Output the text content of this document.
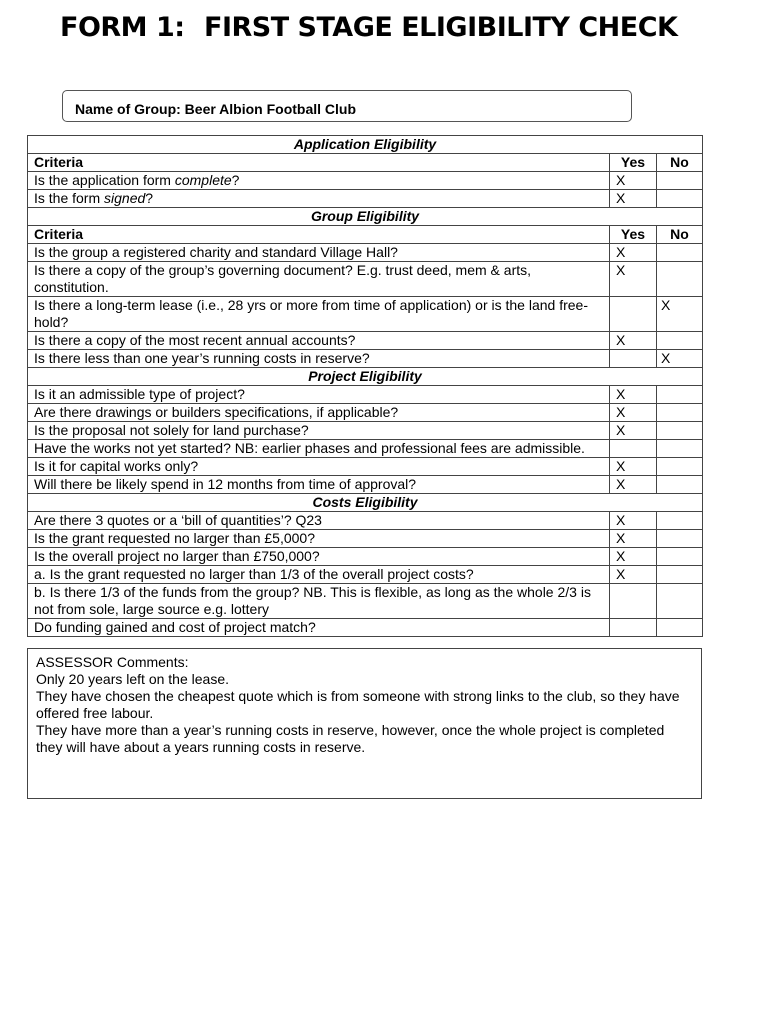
FORM 1: FIRST STAGE ELIGIBILITY CHECK
Name of Group: Beer Albion Football Club
Application Eligibility		
Criteria	Yes	No
Is the application form complete?	X	
Is the form signed?	X	
Group Eligibility		
Criteria	Yes	No
Is the group a registered charity and standard Village Hall?	X	
Is there a copy of the group’s governing document? E.g. trust deed, mem & arts, constitution.	X	
Is there a long-term lease (i.e., 28 yrs or more from time of application) or is the land free-hold?		X
Is there a copy of the most recent annual accounts?	X	
Is there less than one year’s running costs in reserve?		X
Project Eligibility		
Is it an admissible type of project?	X	
Are there drawings or builders specifications, if applicable?	X	
Is the proposal not solely for land purchase?	X	
Have the works not yet started? NB: earlier phases and professional fees are admissible.		
Is it for capital works only?	X	
Will there be likely spend in 12 months from time of approval?	X	
Costs Eligibility		
Are there 3 quotes or a ‘bill of quantities’? Q23	X	
Is the grant requested no larger than £5,000?	X	
Is the overall project no larger than £750,000?	X	
a. Is the grant requested no larger than 1/3 of the overall project costs?	X	
b. Is there 1/3 of the funds from the group? NB. This is flexible, as long as the whole 2/3 is not from sole, large source e.g. lottery		
Do funding gained and cost of project match?		
ASSESSOR Comments:
Only 20 years left on the lease.
They have chosen the cheapest quote which is from someone with strong links to the club, so they have offered free labour.
They have more than a year’s running costs in reserve, however, once the whole project is completed they will have about a years running costs in reserve.
